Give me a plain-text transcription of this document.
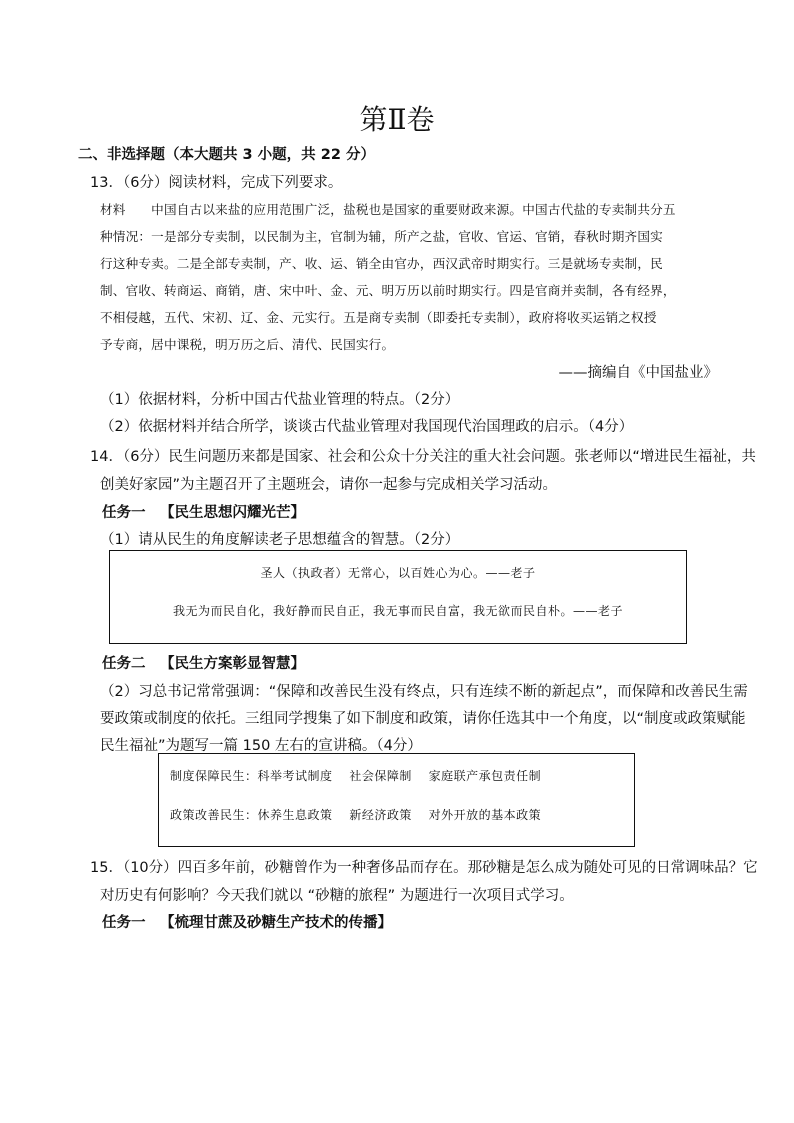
第Ⅱ卷
二、非选择题（本大题共 3 小题，共 22 分）
13．（6分）阅读材料，完成下列要求。
材料　　中国自古以来盐的应用范围广泛，盐税也是国家的重要财政来源。中国古代盐的专卖制共分五
种情况：一是部分专卖制，以民制为主，官制为辅，所产之盐，官收、官运、官销，春秋时期齐国实
行这种专卖。二是全部专卖制，产、收、运、销全由官办，西汉武帝时期实行。三是就场专卖制，民
制、官收、转商运、商销，唐、宋中叶、金、元、明万历以前时期实行。四是官商并卖制，各有经界，
不相侵越，五代、宋初、辽、金、元实行。五是商专卖制（即委托专卖制），政府将收买运销之权授
予专商，居中课税，明万历之后、清代、民国实行。
——摘编自《中国盐业》
（1）依据材料，分析中国古代盐业管理的特点。（2分）
（2）依据材料并结合所学，谈谈古代盐业管理对我国现代治国理政的启示。（4分）
14．（6分）民生问题历来都是国家、社会和公众十分关注的重大社会问题。张老师以“增进民生福祉，共
创美好家园”为主题召开了主题班会，请你一起参与完成相关学习活动。
任务一 【民生思想闪耀光芒】
（1）请从民生的角度解读老子思想蕴含的智慧。（2分）
圣人（执政者）无常心，以百姓心为心。——老子
我无为而民自化，我好静而民自正，我无事而民自富，我无欲而民自朴。——老子
任务二 【民生方案彰显智慧】
（2）习总书记常常强调：“保障和改善民生没有终点，只有连续不断的新起点”，而保障和改善民生需
要政策或制度的依托。三组同学搜集了如下制度和政策，请你任选其中一个角度，以“制度或政策赋能
民生福祉”为题写一篇 150 左右的宣讲稿。（4分）
制度保障民生：科举考试制度　 社会保障制　 家庭联产承包责任制
政策改善民生：休养生息政策　 新经济政策　 对外开放的基本政策
15．（10分）四百多年前，砂糖曾作为一种奢侈品而存在。那砂糖是怎么成为随处可见的日常调味品？它
对历史有何影响？今天我们就以 “砂糖的旅程” 为题进行一次项目式学习。
任务一 【梳理甘蔗及砂糖生产技术的传播】
